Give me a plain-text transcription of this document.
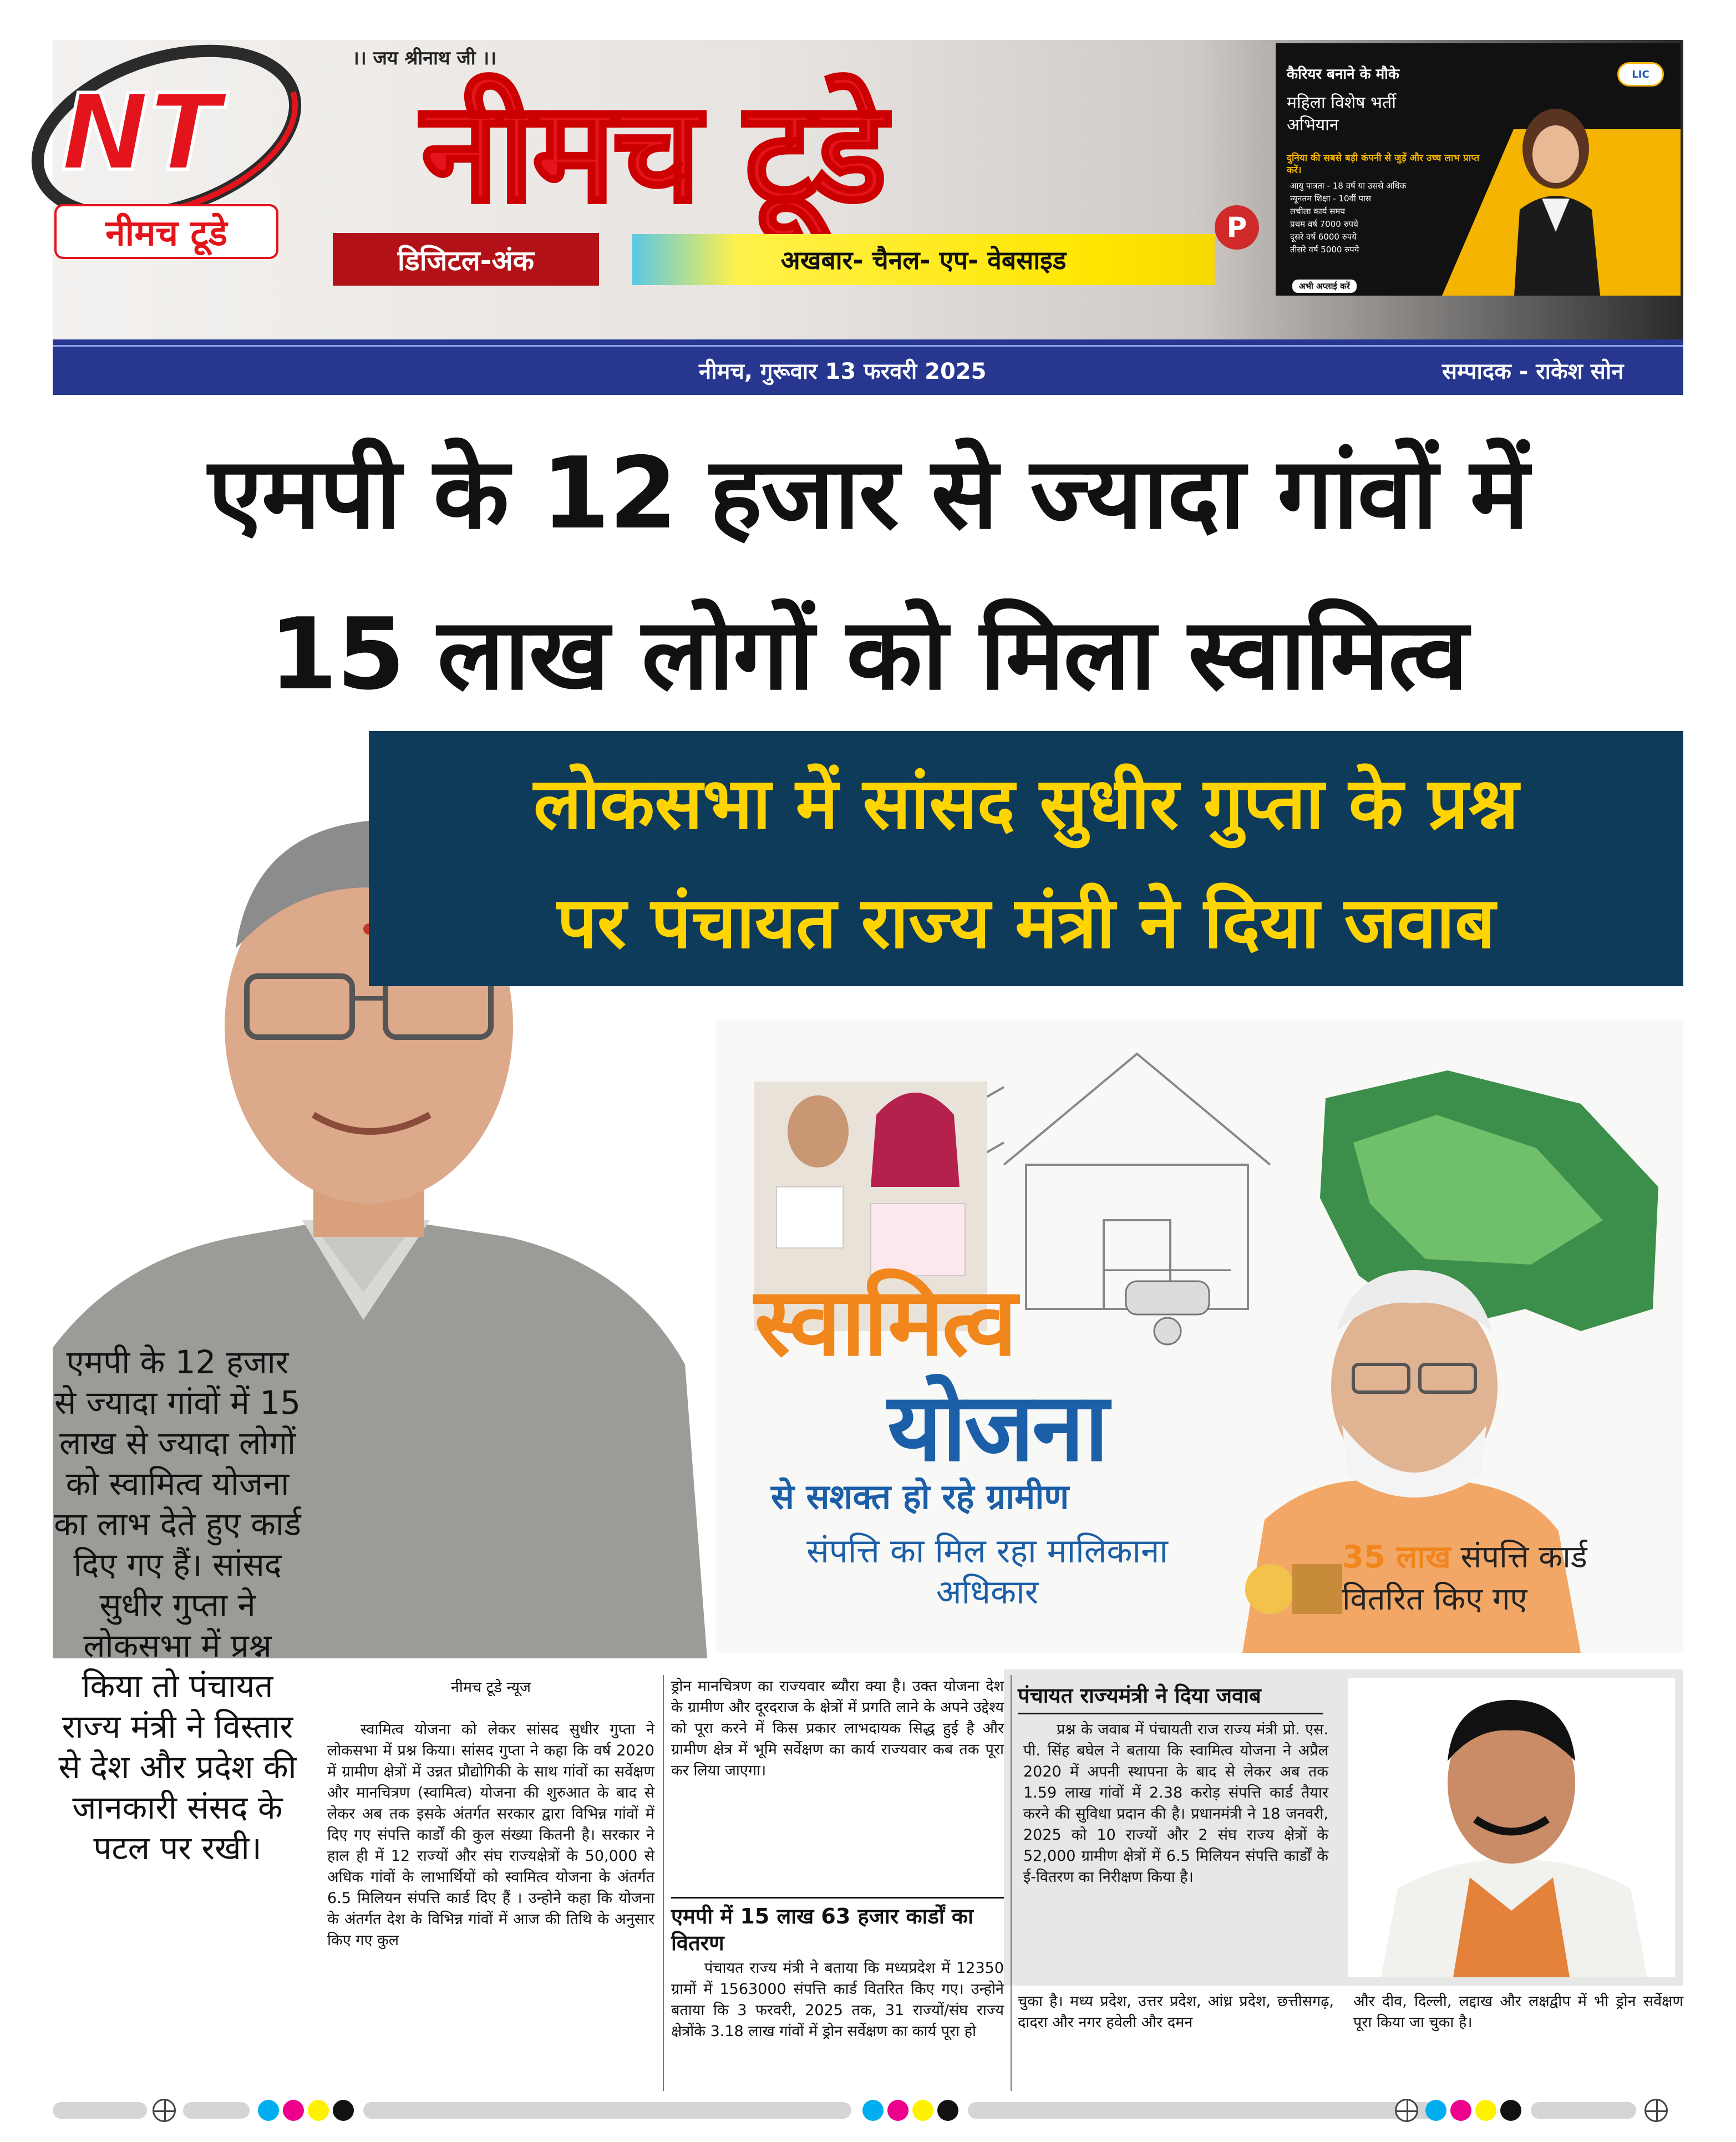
NT
नीमच टूडे
।। जय श्रीनाथ जी ।।
नीमच टूडे
डिजिटल-अंक	अखबार- चैनल- एप- वेबसाइड
P
कैरियर बनाने के मौके
महिला विशेष भर्ती अभियान
दुनिया की सबसे बड़ी कंपनी से जुड़ें और उच्च लाभ प्राप्त करें।
आयु पात्रता - 18 वर्ष या उससे अधिक
न्यूनतम शिक्षा - 10वीं पास
लचीला कार्य समय
प्रथम वर्ष 7000 रुपये
दूसरे वर्ष 6000 रुपये
तीसरे वर्ष 5000 रुपये
अभी अप्लाई करें
LIC
नीमच, गुरूवार 13 फरवरी 2025	सम्पादक - राकेश सोन
एमपी के 12 हजार से ज्यादा गांवों में
15 लाख लोगों को मिला स्वामित्व
लोकसभा में सांसद सुधीर गुप्ता के प्रश्न
पर पंचायत राज्य मंत्री ने दिया जवाब
एमपी के 12 हजार से ज्यादा गांवों में 15 लाख से ज्यादा लोगों को स्वामित्व योजना का लाभ देते हुए कार्ड दिए गए हैं। सांसद सुधीर गुप्ता ने लोकसभा में प्रश्न किया तो पंचायत राज्य मंत्री ने विस्तार से देश और प्रदेश की जानकारी संसद के पटल पर रखी।
स्वामित्व
योजना
से सशक्त हो रहे ग्रामीण
संपत्ति का मिल रहा मालिकाना अधिकार
35 लाख संपत्ति कार्ड वितरित किए गए
नीमच टूडे न्यूज

स्वामित्व योजना को लेकर सांसद सुधीर गुप्ता ने लोकसभा में प्रश्न किया। सांसद गुप्ता ने कहा कि वर्ष 2020 में ग्रामीण क्षेत्रों में उन्नत प्रौद्योगिकी के साथ गांवों का सर्वेक्षण और मानचित्रण (स्वामित्व) योजना की शुरुआत के बाद से लेकर अब तक इसके अंतर्गत सरकार द्वारा विभिन्न गांवों में दिए गए संपत्ति कार्डों की कुल संख्या कितनी है। सरकार ने हाल ही में 12 राज्यों और संघ राज्यक्षेत्रों के 50,000 से अधिक गांवों के लाभार्थियों को स्वामित्व योजना के अंतर्गत 6.5 मिलियन संपत्ति कार्ड दिए हैं । उन्होने कहा कि योजना के अंतर्गत देश के विभिन्न गांवों में आज की तिथि के अनुसार किए गए कुल

ड्रोन मानचित्रण का राज्यवार ब्यौरा क्या है। उक्त योजना देश के ग्रामीण और दूरदराज के क्षेत्रों में प्रगति लाने के अपने उद्देश्य को पूरा करने में किस प्रकार लाभदायक सिद्ध हुई है और ग्रामीण क्षेत्र में भूमि सर्वेक्षण का कार्य राज्यवार कब तक पूरा कर लिया जाएगा।

एमपी में 15 लाख 63 हजार कार्डों का वितरण

पंचायत राज्य मंत्री ने बताया कि मध्यप्रदेश में 12350 ग्रामों में 1563000 संपत्ति कार्ड वितरित किए गए। उन्होने बताया कि 3 फरवरी, 2025 तक, 31 राज्यों/संघ राज्य क्षेत्रोंके 3.18 लाख गांवों में ड्रोन सर्वेक्षण का कार्य पूरा हो

पंचायत राज्यमंत्री ने दिया जवाब

प्रश्न के जवाब में पंचायती राज राज्य मंत्री प्रो. एस. पी. सिंह बघेल ने बताया कि स्वामित्व योजना ने अप्रैल 2020 में अपनी स्थापना के बाद से लेकर अब तक 1.59 लाख गांवों में 2.38 करोड़ संपत्ति कार्ड तैयार करने की सुविधा प्रदान की है। प्रधानमंत्री ने 18 जनवरी, 2025 को 10 राज्यों और 2 संघ राज्य क्षेत्रों के 52,000 ग्रामीण क्षेत्रों में 6.5 मिलियन संपत्ति कार्डों के ई-वितरण का निरीक्षण किया है।

चुका है। मध्य प्रदेश, उत्तर प्रदेश, आंध्र प्रदेश, छत्तीसगढ़, दादरा और नगर हवेली और दमन

और दीव, दिल्ली, लद्दाख और लक्षद्वीप में भी ड्रोन सर्वेक्षण पूरा किया जा चुका है।
